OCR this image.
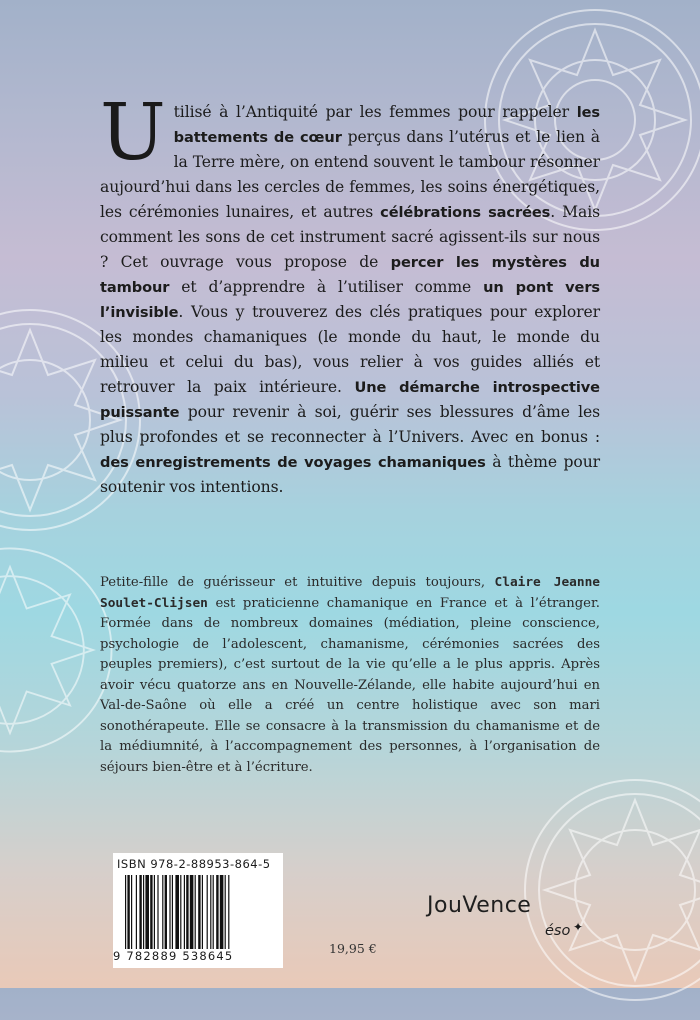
U tilisé à l’Antiquité par les femmes pour rappeler les battements de cœur perçus dans l’utérus et le lien à la Terre mère, on entend souvent le tambour résonner aujourd’hui dans les cercles de femmes, les soins énergétiques, les cérémonies lunaires, et autres célébrations sacrées. Mais comment les sons de cet instrument sacré agissent-ils sur nous ? Cet ouvrage vous propose de percer les mystères du tambour et d’apprendre à l’utiliser comme un pont vers l’invisible. Vous y trouverez des clés pratiques pour explorer les mondes chamaniques (le monde du haut, le monde du milieu et celui du bas), vous relier à vos guides alliés et retrouver la paix intérieure. Une démarche introspective puissante pour revenir à soi, guérir ses blessures d’âme les plus profondes et se reconnecter à l’Univers. Avec en bonus : des enregistrements de voyages chamaniques à thème pour soutenir vos intentions.
Petite-fille de guérisseur et intuitive depuis toujours, Claire Jeanne Soulet-Clijsen est praticienne chamanique en France et à l’étranger. Formée dans de nombreux domaines (médiation, pleine conscience, psychologie de l’adolescent, chamanisme, cérémonies sacrées des peuples premiers), c’est surtout de la vie qu’elle a le plus appris. Après avoir vécu quatorze ans en Nouvelle-Zélande, elle habite aujourd’hui en Val-de-Saône où elle a créé un centre holistique avec son mari sonothérapeute. Elle se consacre à la transmission du chamanisme et de la médiumnité, à l’accompagnement des personnes, à l’organisation de séjours bien-être et à l’écriture.
ISBN 978-2-88953-864-5
9 782889 538645	19,95 €
JouVence
éso ✦
